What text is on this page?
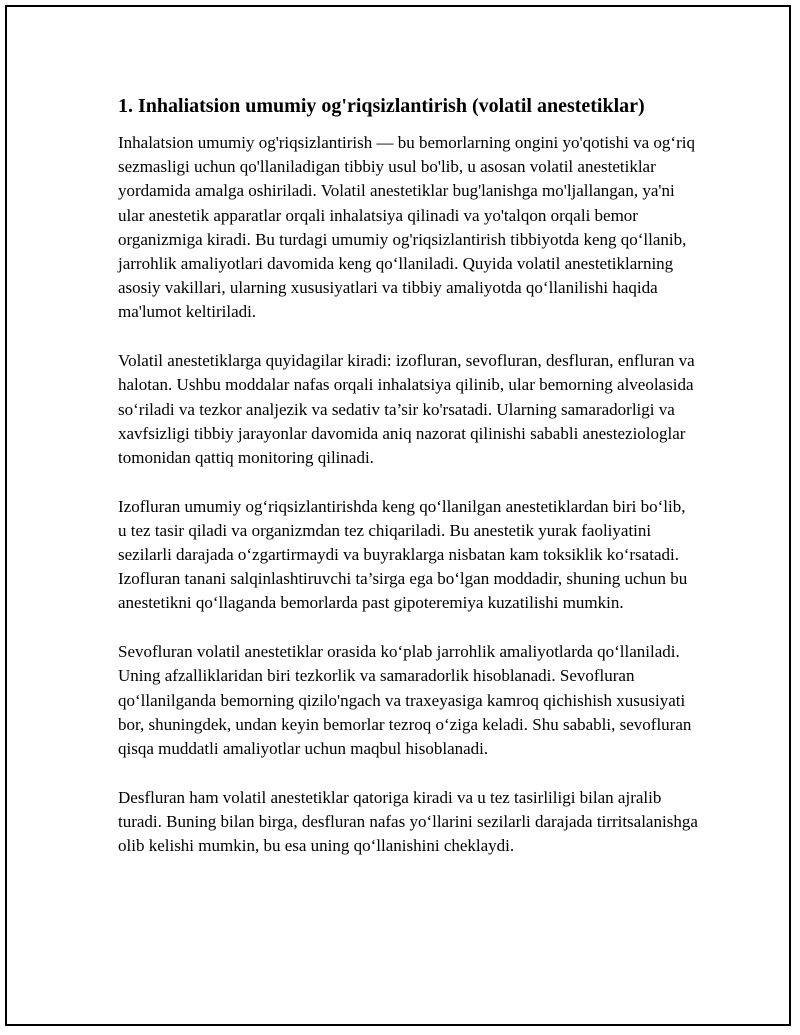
1. Inhaliatsion umumiy og'riqsizlantirish (volatil anestetiklar)

Inhalatsion umumiy og'riqsizlantirish — bu bemorlarning ongini yo'qotishi va og‘riq sezmasligi uchun qo'llaniladigan tibbiy usul bo'lib, u asosan volatil anestetiklar yordamida amalga oshiriladi. Volatil anestetiklar bug'lanishga mo'ljallangan, ya'ni ular anestetik apparatlar orqali inhalatsiya qilinadi va yo'talqon orqali bemor organizmiga kiradi. Bu turdagi umumiy og'riqsizlantirish tibbiyotda keng qo‘llanib, jarrohlik amaliyotlari davomida keng qo‘llaniladi. Quyida volatil anestetiklarning asosiy vakillari, ularning xususiyatlari va tibbiy amaliyotda qo‘llanilishi haqida ma'lumot keltiriladi.

Volatil anestetiklarga quyidagilar kiradi: izofluran, sevofluran, desfluran, enfluran va halotan. Ushbu moddalar nafas orqali inhalatsiya qilinib, ular bemorning alveolasida so‘riladi va tezkor analjezik va sedativ ta’sir ko'rsatadi. Ularning samaradorligi va xavfsizligi tibbiy jarayonlar davomida aniq nazorat qilinishi sababli anesteziologlar tomonidan qattiq monitoring qilinadi.

Izofluran umumiy og‘riqsizlantirishda keng qo‘llanilgan anestetiklardan biri bo‘lib, u tez tasir qiladi va organizmdan tez chiqariladi. Bu anestetik yurak faoliyatini sezilarli darajada o‘zgartirmaydi va buyraklarga nisbatan kam toksiklik ko‘rsatadi. Izofluran tanani salqinlashtiruvchi ta’sirga ega bo‘lgan moddadir, shuning uchun bu anestetikni qo‘llaganda bemorlarda past gipoteremiya kuzatilishi mumkin.

Sevofluran volatil anestetiklar orasida ko‘plab jarrohlik amaliyotlarda qo‘llaniladi. Uning afzalliklaridan biri tezkorlik va samaradorlik hisoblanadi. Sevofluran qo‘llanilganda bemorning qizilo'ngach va traxeyasiga kamroq qichishish xususiyati bor, shuningdek, undan keyin bemorlar tezroq o‘ziga keladi. Shu sababli, sevofluran qisqa muddatli amaliyotlar uchun maqbul hisoblanadi.

Desfluran ham volatil anestetiklar qatoriga kiradi va u tez tasirliligi bilan ajralib turadi. Buning bilan birga, desfluran nafas yo‘llarini sezilarli darajada tirritsalanishga olib kelishi mumkin, bu esa uning qo‘llanishini cheklaydi.
